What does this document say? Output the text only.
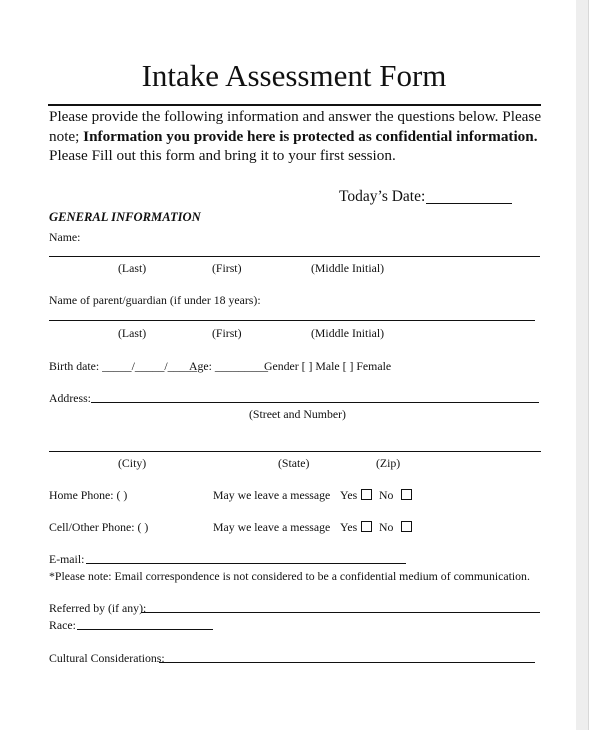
Intake Assessment Form
Please provide the following information and answer the questions below. Please
note; Information you provide here is protected as confidential information.
Please Fill out this form and bring it to your first session.
Today’s Date:
GENERAL INFORMATION
Name:
(Last)	(First)	(Middle Initial)
Name of parent/guardian (if under 18 years):
(Last)	(First)	(Middle Initial)
Birth date: _____/_____/_____
Age: _________
Gender [ ] Male [ ] Female
Address:
(Street and Number)
(City)	(State)	(Zip)
Home Phone: ( )	May we leave a message Yes	No
Cell/Other Phone: ( )	May we leave a message Yes	No
E-mail:
*Please note: Email correspondence is not considered to be a confidential medium of communication.
Referred by (if any):
Race:
Cultural Considerations:
